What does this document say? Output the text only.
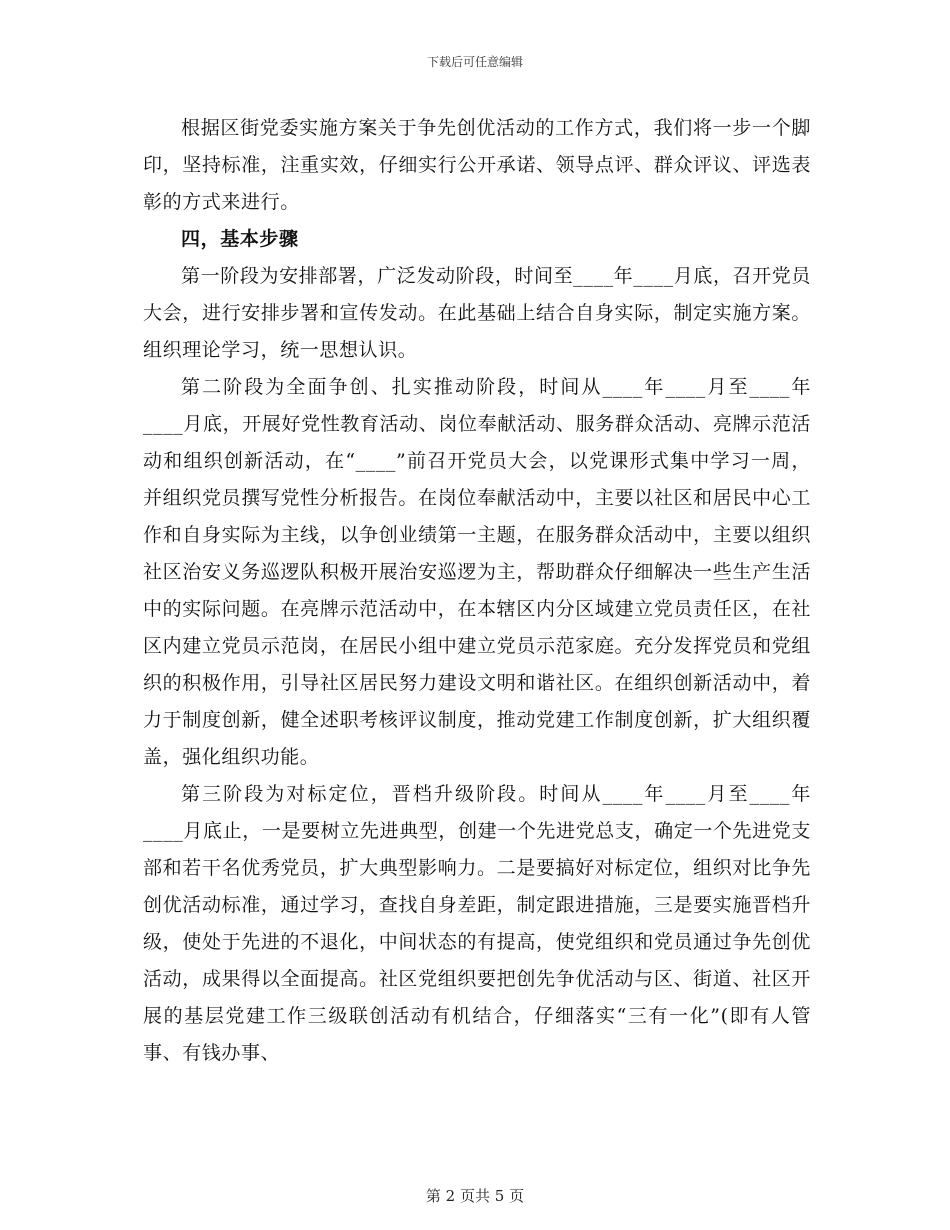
下载后可任意编辑

根据区街党委实施方案关于争先创优活动的工作方式，我们将一步一个脚印，坚持标准，注重实效，仔细实行公开承诺、领导点评、群众评议、评选表彰的方式来进行。

四，基本步骤

第一阶段为安排部署，广泛发动阶段，时间至____年____月底，召开党员大会，进行安排步署和宣传发动。在此基础上结合自身实际，制定实施方案。组织理论学习，统一思想认识。

第二阶段为全面争创、扎实推动阶段，时间从____年____月至____年____月底，开展好党性教育活动、岗位奉献活动、服务群众活动、亮牌示范活动和组织创新活动，在“____”前召开党员大会，以党课形式集中学习一周，并组织党员撰写党性分析报告。在岗位奉献活动中，主要以社区和居民中心工作和自身实际为主线，以争创业绩第一主题，在服务群众活动中，主要以组织社区治安义务巡逻队积极开展治安巡逻为主，帮助群众仔细解决一些生产生活中的实际问题。在亮牌示范活动中，在本辖区内分区域建立党员责任区，在社区内建立党员示范岗，在居民小组中建立党员示范家庭。充分发挥党员和党组织的积极作用，引导社区居民努力建设文明和谐社区。在组织创新活动中，着力于制度创新，健全述职考核评议制度，推动党建工作制度创新，扩大组织覆盖，强化组织功能。

第三阶段为对标定位，晋档升级阶段。时间从____年____月至____年____月底止，一是要树立先进典型，创建一个先进党总支，确定一个先进党支部和若干名优秀党员，扩大典型影响力。二是要搞好对标定位，组织对比争先创优活动标准，通过学习，查找自身差距，制定跟进措施，三是要实施晋档升级，使处于先进的不退化，中间状态的有提高，使党组织和党员通过争先创优活动，成果得以全面提高。社区党组织要把创先争优活动与区、街道、社区开展的基层党建工作三级联创活动有机结合，仔细落实“三有一化”(即有人管事、有钱办事、

第 2 页共 5 页
